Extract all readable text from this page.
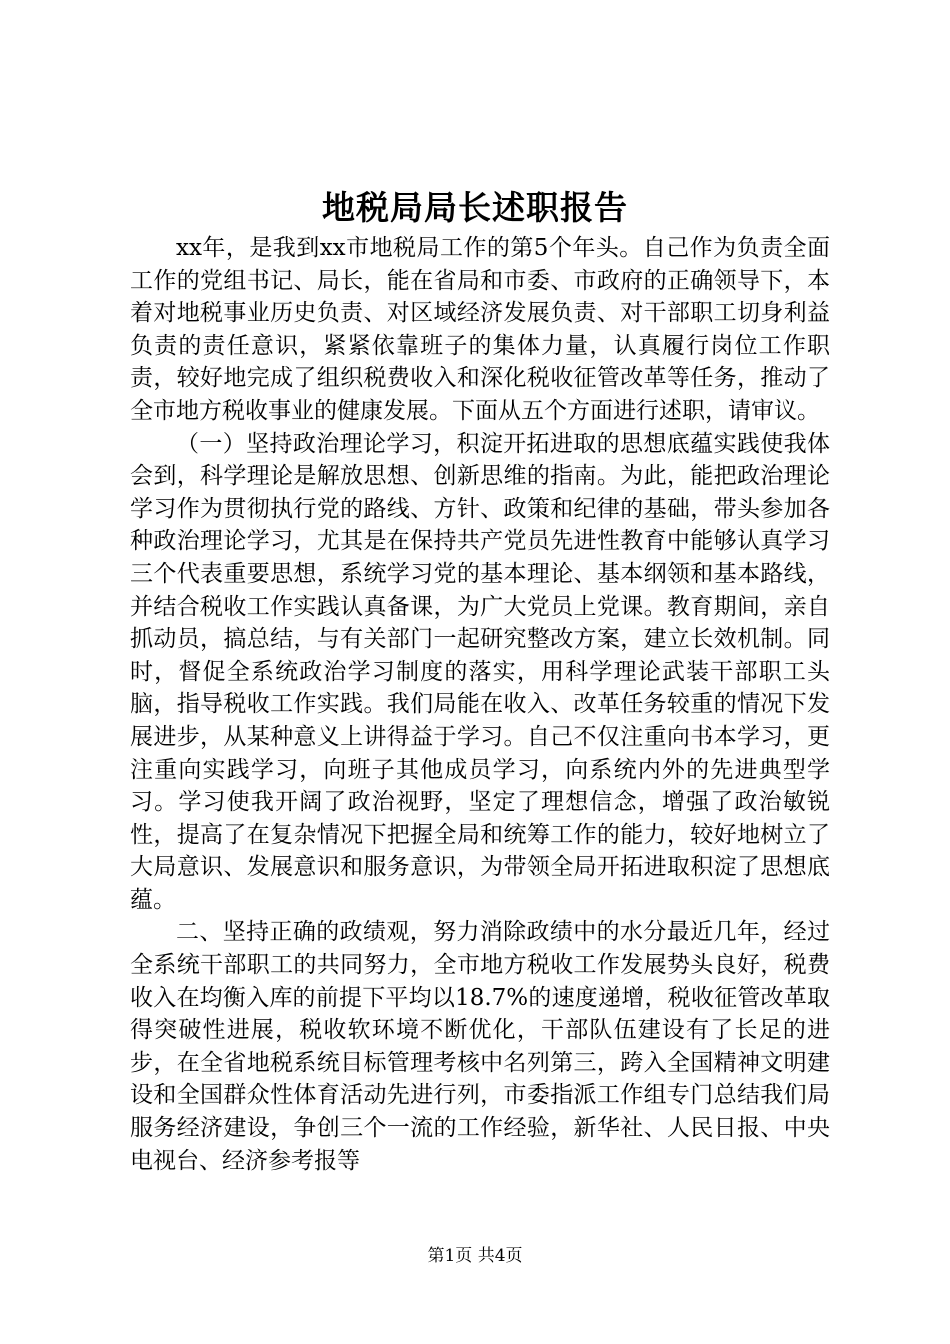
地税局局长述职报告

xx年，是我到xx市地税局工作的第5个年头。自己作为负责全面工作的党组书记、局长，能在省局和市委、市政府的正确领导下，本着对地税事业历史负责、对区域经济发展负责、对干部职工切身利益负责的责任意识，紧紧依靠班子的集体力量，认真履行岗位工作职责，较好地完成了组织税费收入和深化税收征管改革等任务，推动了全市地方税收事业的健康发展。下面从五个方面进行述职，请审议。

（一）坚持政治理论学习，积淀开拓进取的思想底蕴实践使我体会到，科学理论是解放思想、创新思维的指南。为此，能把政治理论学习作为贯彻执行党的路线、方针、政策和纪律的基础，带头参加各种政治理论学习，尤其是在保持共产党员先进性教育中能够认真学习三个代表重要思想，系统学习党的基本理论、基本纲领和基本路线，并结合税收工作实践认真备课，为广大党员上党课。教育期间，亲自抓动员，搞总结，与有关部门一起研究整改方案，建立长效机制。同时，督促全系统政治学习制度的落实，用科学理论武装干部职工头脑，指导税收工作实践。我们局能在收入、改革任务较重的情况下发展进步，从某种意义上讲得益于学习。自己不仅注重向书本学习，更注重向实践学习，向班子其他成员学习，向系统内外的先进典型学习。学习使我开阔了政治视野，坚定了理想信念，增强了政治敏锐性，提高了在复杂情况下把握全局和统筹工作的能力，较好地树立了大局意识、发展意识和服务意识，为带领全局开拓进取积淀了思想底蕴。

二、坚持正确的政绩观，努力消除政绩中的水分最近几年，经过全系统干部职工的共同努力，全市地方税收工作发展势头良好，税费收入在均衡入库的前提下平均以18.7%的速度递增，税收征管改革取得突破性进展，税收软环境不断优化，干部队伍建设有了长足的进步，在全省地税系统目标管理考核中名列第三，跨入全国精神文明建设和全国群众性体育活动先进行列，市委指派工作组专门总结我们局服务经济建设，争创三个一流的工作经验，新华社、人民日报、中央电视台、经济参考报等

第1页 共4页
